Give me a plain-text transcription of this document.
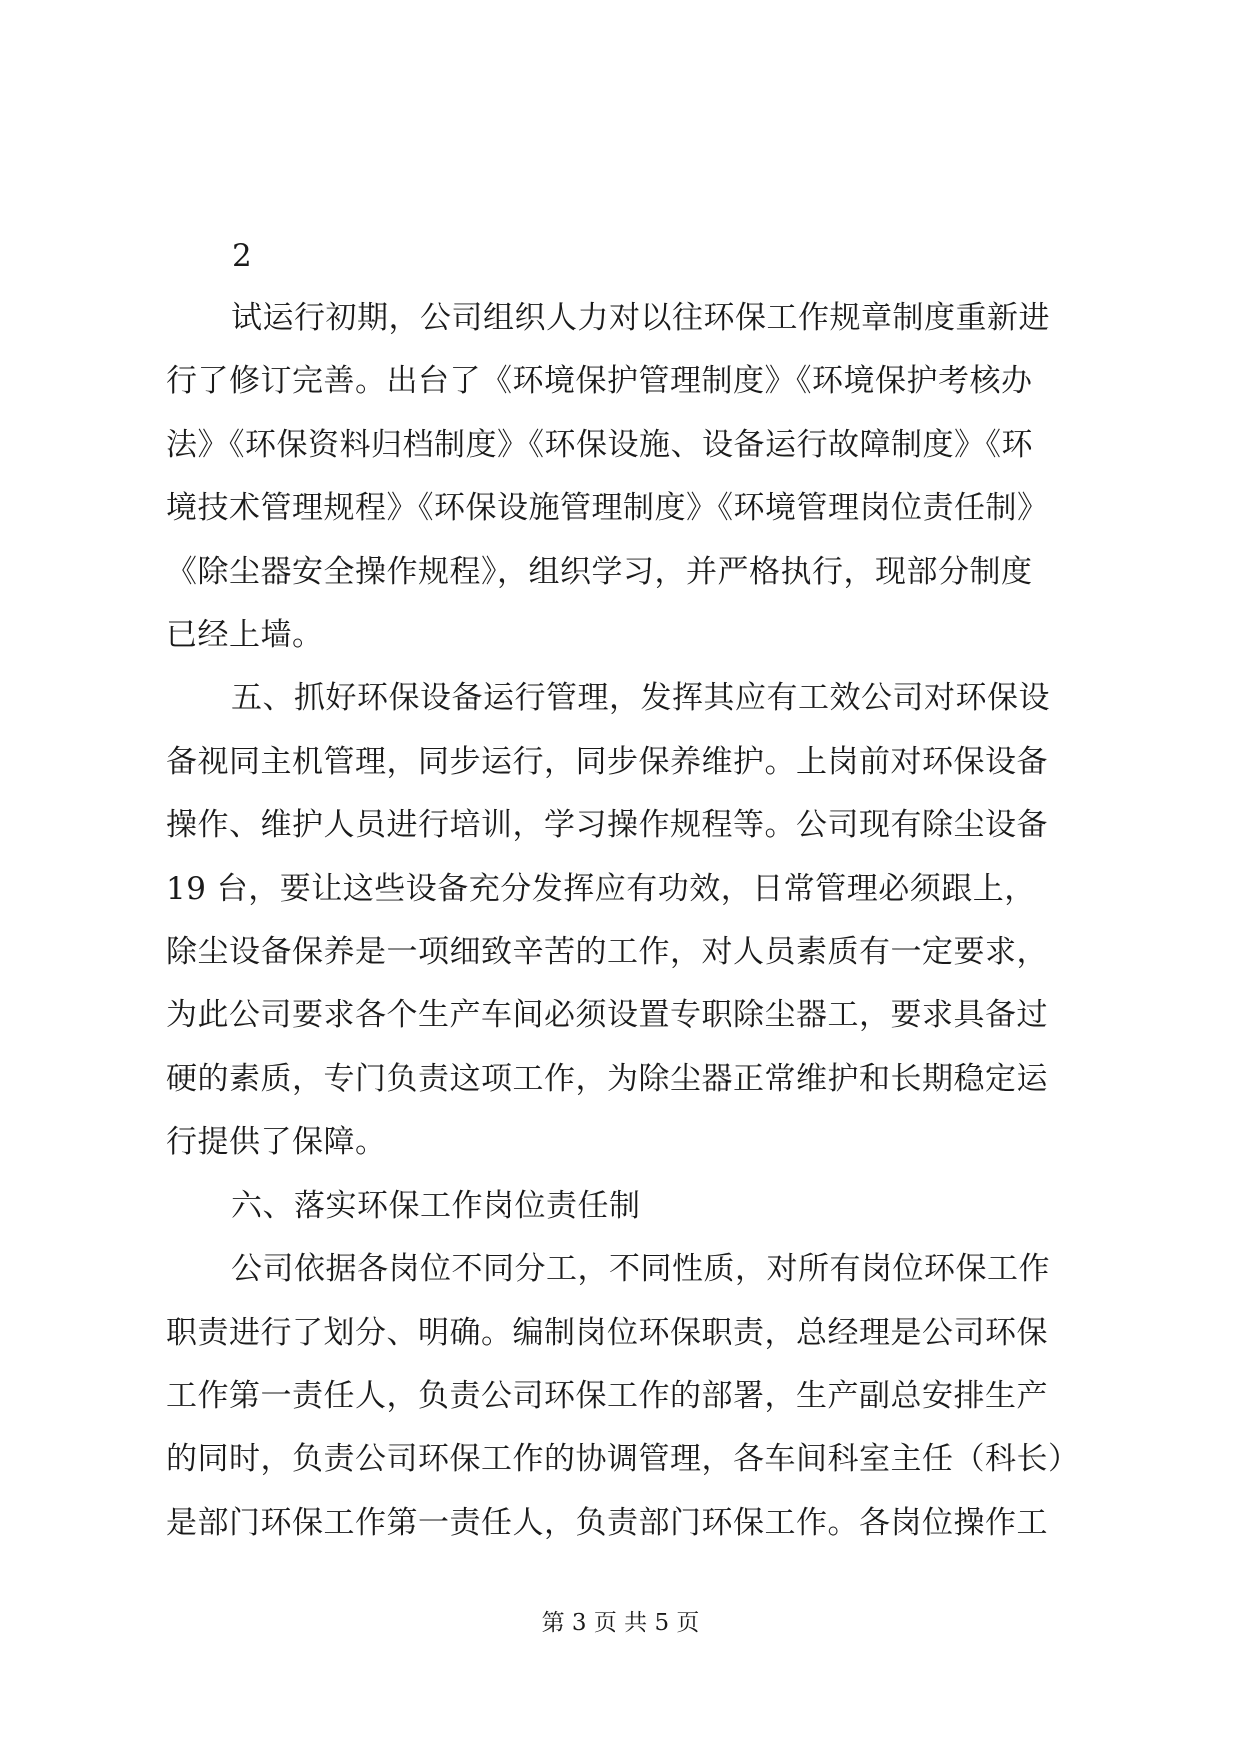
2

试运行初期，公司组织人力对以往环保工作规章制度重新进
行了修订完善。出台了《环境保护管理制度》《环境保护考核办
法》《环保资料归档制度》《环保设施、设备运行故障制度》《环
境技术管理规程》《环保设施管理制度》《环境管理岗位责任制》
《除尘器安全操作规程》，组织学习，并严格执行，现部分制度
已经上墙。

五、抓好环保设备运行管理，发挥其应有工效公司对环保设
备视同主机管理，同步运行，同步保养维护。上岗前对环保设备
操作、维护人员进行培训，学习操作规程等。公司现有除尘设备
19 台，要让这些设备充分发挥应有功效，日常管理必须跟上，
除尘设备保养是一项细致辛苦的工作，对人员素质有一定要求，
为此公司要求各个生产车间必须设置专职除尘器工，要求具备过
硬的素质，专门负责这项工作，为除尘器正常维护和长期稳定运
行提供了保障。

六、落实环保工作岗位责任制

公司依据各岗位不同分工，不同性质，对所有岗位环保工作
职责进行了划分、明确。编制岗位环保职责，总经理是公司环保
工作第一责任人，负责公司环保工作的部署，生产副总安排生产
的同时，负责公司环保工作的协调管理，各车间科室主任（科长）
是部门环保工作第一责任人，负责部门环保工作。各岗位操作工

第 3 页 共 5 页
